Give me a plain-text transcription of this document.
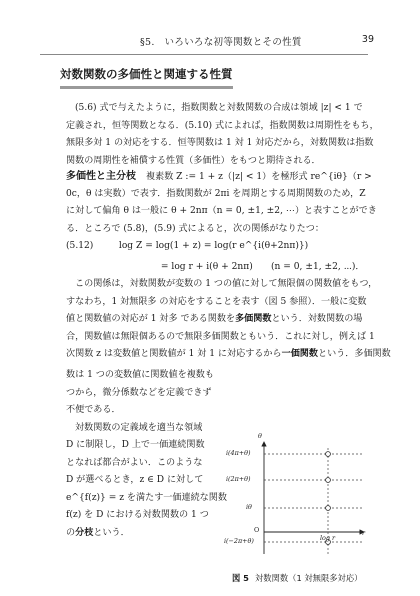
§5.　いろいろな初等関数とその性質	39
対数関数の多価性と関連する性質
(5.6) 式で与えたように，指数関数と対数関数の合成は領域 |z| < 1 で
定義され，恒等関数となる．(5.10) 式によれば，指数関数は周期性をもち，
無限多対 1 の対応をする．恒等関数は 1 対 1 対応だから，対数関数は指数
関数の周期性を補償する性質（多価性）をもつと期待される．
多価性と主分枝 複素数 Z := 1 + z（|z| < 1）を極形式 re^{iθ}（r >
0c，θ は実数）で表す．指数関数が 2πi を周期とする周期関数のため，Z
に対して偏角 θ は一般に θ + 2nπ（n = 0, ±1, ±2, ⋯）と表すことができ
る．ところで (5.8)，(5.9) 式によると，次の関係がなりたつ：
(5.12)	log Z = log(1 + z) = log(r e^{i(θ+2nπ)})
= log r + i(θ + 2nπ)　　(n = 0, ±1, ±2, ⋯)．
この関係は，対数関数が変数の 1 つの値に対して無限個の関数値をもつ，
すなわち，1 対無限多 の対応をすることを表す（図 5 参照）．一般に変数
値と関数値の対応が 1 対多 である関数を多価関数という．対数関数の場
合，関数値は無限個あるので無限多価関数ともいう．これに対し，例えば 1
次関数 z は変数値と関数値が 1 対 1 に対応するから一価関数という．多価関数
数は 1 つの変数値に関数値を複数も
つから，微分係数などを定義できず
不便である．
対数関数の定義域を適当な領域
D に制限し，D 上で一価連続関数
となれば都合がよい．このような
D が選べるとき，z ∈ D に対して
e^{f(z)} = z を満たす一価連続な関数
f(z) を D における対数関数の 1 つ
の分枝という．
θ
r
O
log r
i(4π+θ)
i(2π+θ)
iθ
i(−2π+θ)
図 5 対数関数（1 対無限多対応）
